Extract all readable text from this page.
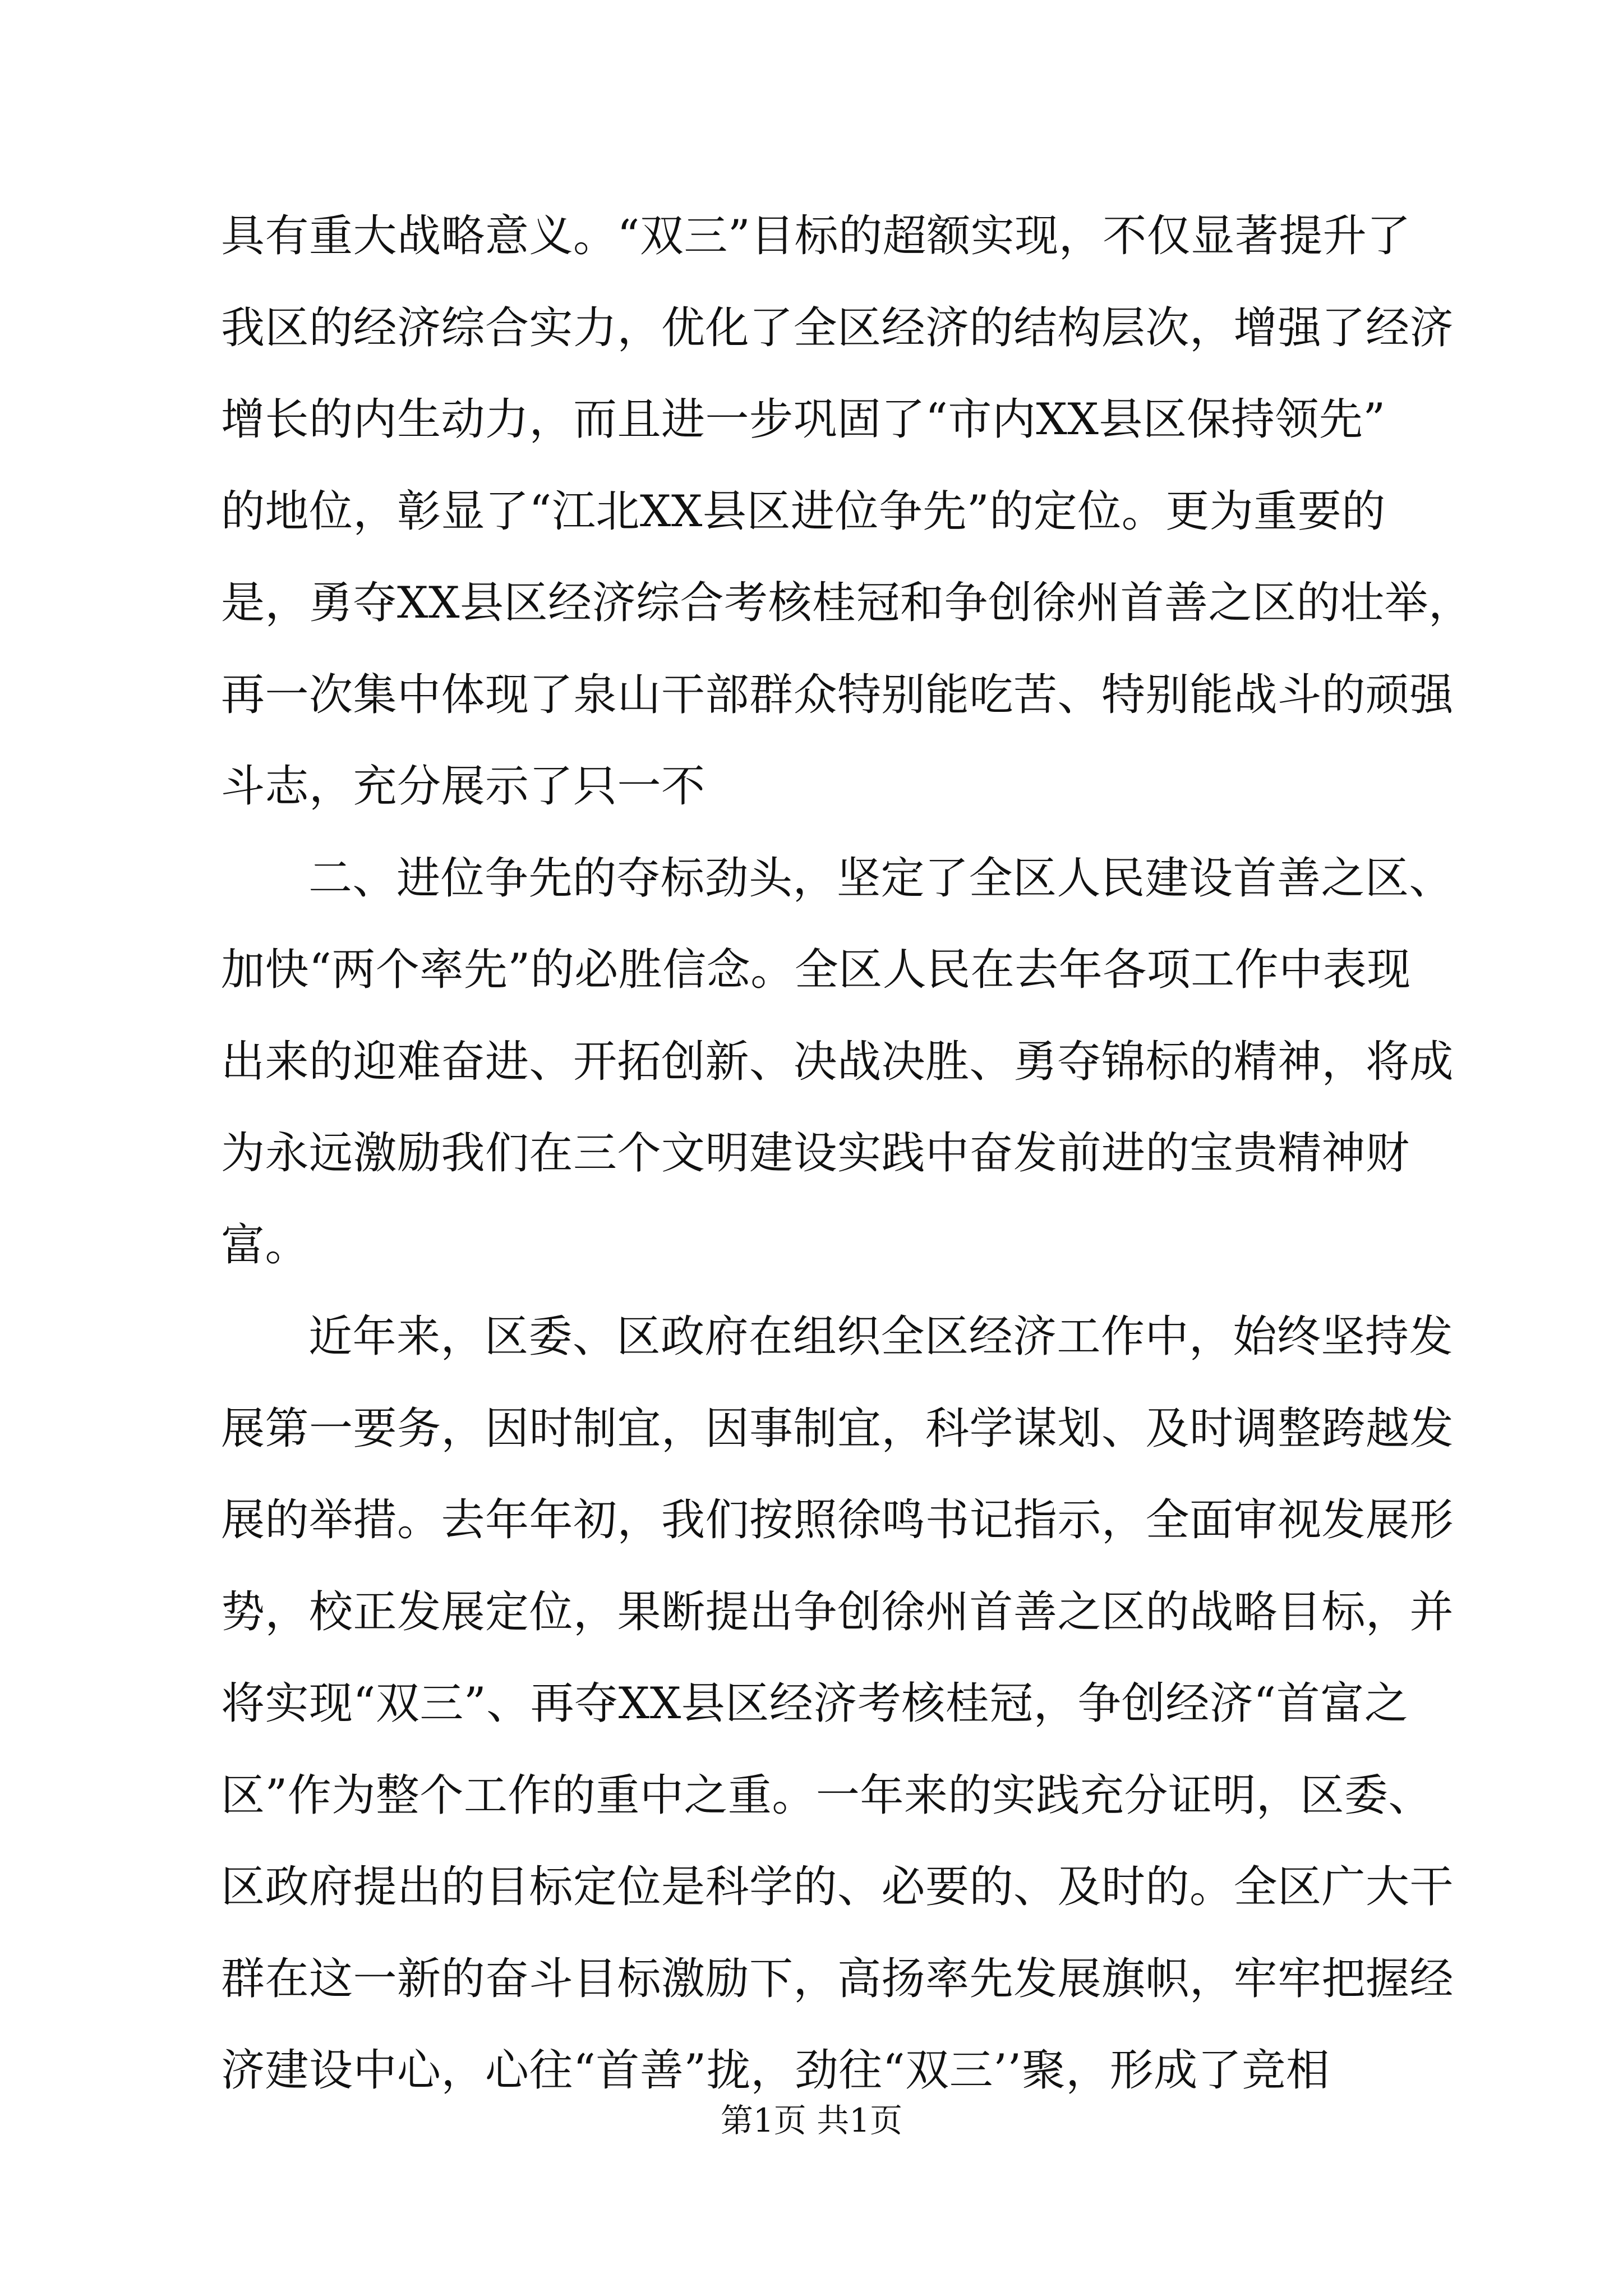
具有重大战略意义。“双三”目标的超额实现，不仅显著提升了
我区的经济综合实力，优化了全区经济的结构层次，增强了经济
增长的内生动力，而且进一步巩固了“市内XX县区保持领先”
的地位，彰显了“江北XX县区进位争先”的定位。更为重要的
是，勇夺XX县区经济综合考核桂冠和争创徐州首善之区的壮举，
再一次集中体现了泉山干部群众特别能吃苦、特别能战斗的顽强
斗志，充分展示了只一不
二、进位争先的夺标劲头，坚定了全区人民建设首善之区、
加快“两个率先”的必胜信念。全区人民在去年各项工作中表现
出来的迎难奋进、开拓创新、决战决胜、勇夺锦标的精神，将成
为永远激励我们在三个文明建设实践中奋发前进的宝贵精神财
富。
近年来，区委、区政府在组织全区经济工作中，始终坚持发
展第一要务，因时制宜，因事制宜，科学谋划、及时调整跨越发
展的举措。去年年初，我们按照徐鸣书记指示，全面审视发展形
势，校正发展定位，果断提出争创徐州首善之区的战略目标，并
将实现“双三”、再夺XX县区经济考核桂冠，争创经济“首富之
区”作为整个工作的重中之重。一年来的实践充分证明，区委、
区政府提出的目标定位是科学的、必要的、及时的。全区广大干
群在这一新的奋斗目标激励下，高扬率先发展旗帜，牢牢把握经
济建设中心，心往“首善”拢，劲往“双三’’聚，形成了竞相
第1页 共1页
